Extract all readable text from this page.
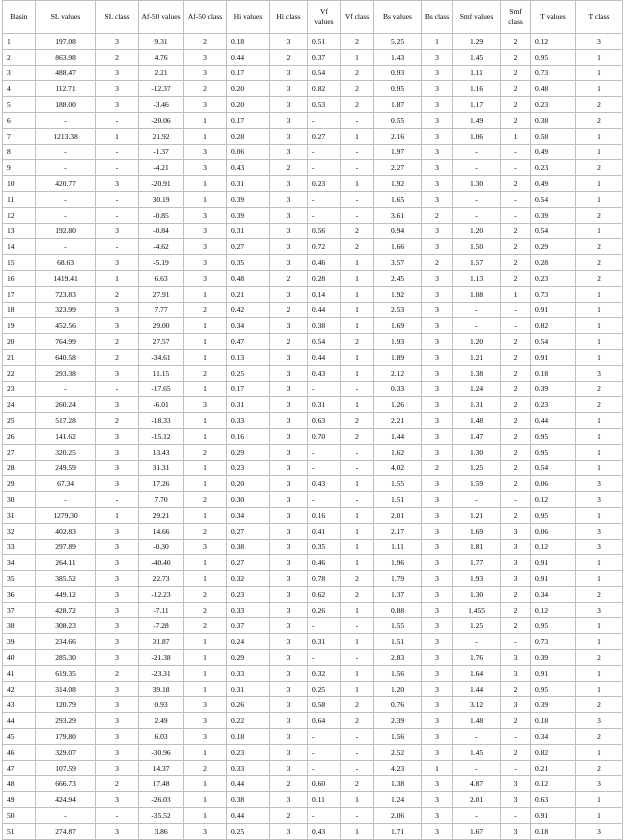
Basin	SL values	SL class	Af-50 values	Af-50 class	Hi values	Hi class	Vf values	Vf class	Bs values	Bs class	Smf values	Smf class	T values	T class
1	197.08	3	9.31	2	0.18	3	0.51	2	5.25	1	1.29	2	0.12	3
2	863.98	2	4.76	3	0.44	2	0.37	1	1.43	3	1.45	2	0.95	1
3	488.47	3	2.21	3	0.17	3	0.54	2	0.93	3	1.11	2	0.73	1
4	112.71	3	-12.37	2	0.20	3	0.82	2	0.95	3	1.16	2	0.48	1
5	188.00	3	-3.46	3	0.20	3	0.53	2	1.87	3	1.17	2	0.23	2
6	-	-	-20.06	1	0.17	3	-	-	0.55	3	1.49	2	0.38	2
7	1213.38	1	21.92	1	0.28	3	0.27	1	2.16	3	1.06	1	0.58	1
8	-	-	-1.37	3	0.06	3	-	-	1.97	3	-	-	0.49	1
9	-	-	-4.21	3	0.43	2	-	-	2.27	3	-	-	0.23	2
10	420.77	3	-20.91	1	0.31	3	0.23	1	1.92	3	1.30	2	0.49	1
11	-	-	30.19	1	0.39	3	-	-	1.65	3	-	-	0.54	1
12	-	-	-0.85	3	0.39	3	-	-	3.61	2	-	-	0.39	2
13	192.80	3	-0.84	3	0.31	3	0.56	2	0.94	3	1.20	2	0.54	1
14	-	-	-4.62	3	0.27	3	0.72	2	1.66	3	1.50	2	0.29	2
15	68.63	3	-5.19	3	0.35	3	0.46	1	3.57	2	1.57	2	0.28	2
16	1419.41	1	6.63	3	0.48	2	0.28	1	2.45	3	1.13	2	0.23	2
17	723.83	2	27.91	1	0.21	3	0.14	1	1.92	3	1.08	1	0.73	1
18	323.99	3	7.77	2	0.42	2	0.44	1	2.53	3	-	-	0.91	1
19	452.56	3	29.00	1	0.34	3	0.38	1	1.69	3	-	-	0.82	1
20	764.99	2	27.57	1	0.47	2	0.54	2	1.93	3	1.20	2	0.54	1
21	640.58	2	-34.61	1	0.13	3	0.44	1	1.89	3	1.21	2	0.91	1
22	293.38	3	11.15	2	0.25	3	0.43	1	2.12	3	1.38	2	0.18	3
23	-	-	-17.65	1	0.17	3	-	-	0.33	3	1.24	2	0.39	2
24	260.24	3	-6.01	3	0.31	3	0.31	1	1.26	3	1.31	2	0.23	2
25	517.28	2	-18.33	1	0.33	3	0.63	2	2.21	3	1.48	2	0.44	1
26	141.62	3	-15.12	1	0.16	3	0.70	2	1.44	3	1.47	2	0.95	1
27	320.25	3	13.43	2	0.29	3	-	-	1.62	3	1.30	2	0.95	1
28	249.59	3	31.31	1	0.23	3	-	-	4.02	2	1.25	2	0.54	1
29	67.34	3	17.26	1	0.20	3	0.43	1	1.55	3	1.59	2	0.06	3
30	-	-	7.70	2	0.30	3	-	-	1.51	3	-	-	0.12	3
31	1279.30	1	29.21	1	0.34	3	0.16	1	2.01	3	1.21	2	0.95	1
32	402.83	3	14.66	2	0.27	3	0.41	1	2.17	3	1.69	3	0.06	3
33	297.89	3	-0.30	3	0.38	3	0.35	1	1.11	3	1.81	3	0.12	3
34	264.11	3	-40.40	1	0.27	3	0.46	1	1.96	3	1.77	3	0.91	1
35	385.52	3	22.73	1	0.32	3	0.78	2	1.79	3	1.93	3	0.91	1
36	449.12	3	-12.23	2	0.23	3	0.62	2	1.37	3	1.30	2	0.34	2
37	428.72	3	-7.11	2	0.33	3	0.26	1	0.88	3	1.455	2	0.12	3
38	308.23	3	-7.28	2	0.37	3	-	-	1.55	3	1.25	2	0.95	1
39	234.66	3	31.87	1	0.24	3	0.31	1	1.51	3	-	-	0.73	1
40	285.30	3	-21.38	1	0.29	3	-	-	2.83	3	1.76	3	0.39	2
41	619.35	2	-23.31	1	0.33	3	0.32	1	1.56	3	1.64	3	0.91	1
42	314.08	3	39.18	1	0.31	3	0.25	1	1.20	3	1.44	2	0.95	1
43	120.79	3	0.93	3	0.26	3	0.58	2	0.76	3	3.12	3	0.39	2
44	293.29	3	2.49	3	0.22	3	0.64	2	2.39	3	1.48	2	0.18	3
45	179.80	3	6.03	3	0.18	3	-	-	1.56	3	-	-	0.34	2
46	329.07	3	-30.96	1	0.23	3	-	-	2.52	3	1.45	2	0.82	1
47	107.59	3	14.37	2	0.33	3	-	-	4.23	1	-	-	0.21	2
48	666.73	2	17.48	1	0.44	2	0.60	2	1.38	3	4.87	3	0.12	3
49	424.94	3	-26.03	1	0.38	3	0.11	1	1.24	3	2.01	3	0.63	1
50	-	-	-35.52	1	0.44	2	-	-	2.06	3	-	-	0.91	1
51	274.87	3	3.86	3	0.25	3	0.43	1	1.71	3	1.67	3	0.18	3
